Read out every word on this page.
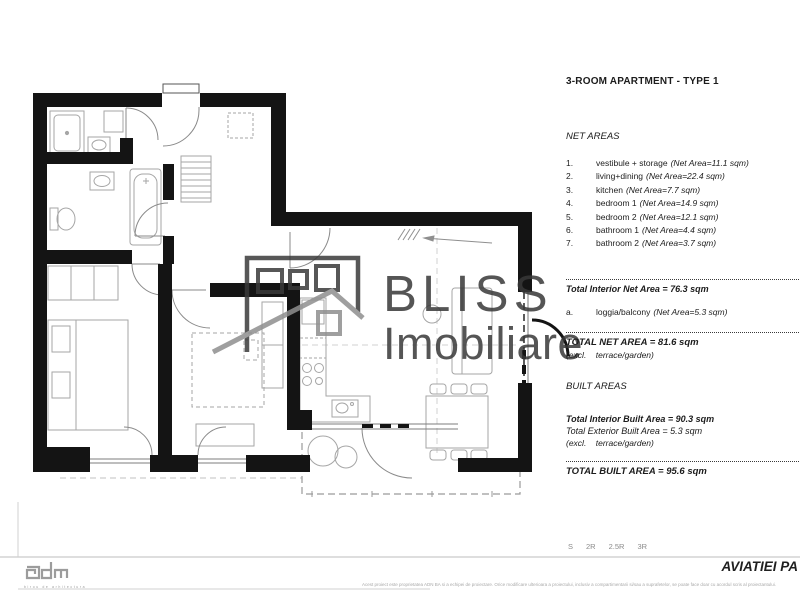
BLISS
Imobiliare
3-ROOM APARTMENT - TYPE 1
NET AREAS
1.	vestibule + storage (Net Area=11.1 sqm)
2.	living+dining (Net Area=22.4 sqm)
3.	kitchen (Net Area=7.7 sqm)
4.	bedroom 1 (Net Area=14.9 sqm)
5.	bedroom 2 (Net Area=12.1 sqm)
6.	bathroom 1 (Net Area=4.4 sqm)
7.	bathroom 2 (Net Area=3.7 sqm)
Total Interior Net Area = 76.3 sqm
a.	loggia/balcony (Net Area=5.3 sqm)
TOTAL NET AREA = 81.6 sqm
(excl.    terrace/garden)
BUILT AREAS
Total Interior Built Area = 90.3 sqm
Total Exterior Built Area = 5.3 sqm
(excl.    terrace/garden)
TOTAL BUILT AREA = 95.6 sqm
S 2R 2.5R 3R
AVIATIEI PA
Acest proiect este proprietatea ADN BA si a echipei de proiectare. Orice modificare ulterioara a proiectului, inclusiv a compartimentarii si/sau a suprafetelor, se poate face doar cu acordul scris al proiectantului.
birou de arhitectura
